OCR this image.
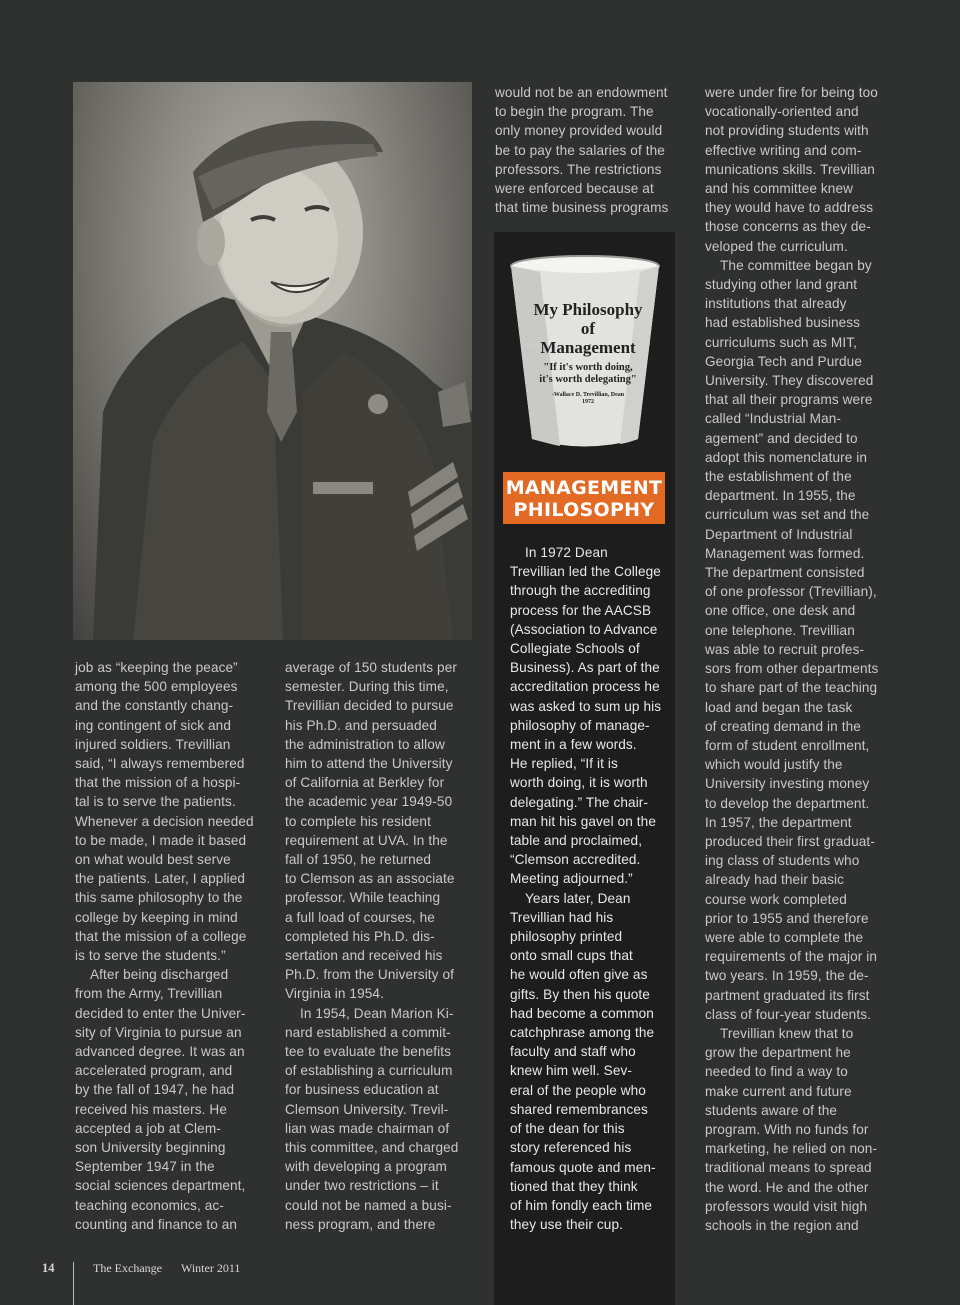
job as “keeping the peace”

among the 500 employees

and the constantly chang-

ing contingent of sick and

injured soldiers. Trevillian

said, “I always remembered

that the mission of a hospi-

tal is to serve the patients.

Whenever a decision needed

to be made, I made it based

on what would best serve

the patients. Later, I applied

this same philosophy to the

college by keeping in mind

that the mission of a college

is to serve the students.”

After being discharged

from the Army, Trevillian

decided to enter the Univer-

sity of Virginia to pursue an

advanced degree. It was an

accelerated program, and

by the fall of 1947, he had

received his masters. He

accepted a job at Clem-

son University beginning

September 1947 in the

social sciences department,

teaching economics, ac-

counting and finance to an

average of 150 students per

semester. During this time,

Trevillian decided to pursue

his Ph.D. and persuaded

the administration to allow

him to attend the University

of California at Berkley for

the academic year 1949-50

to complete his resident

requirement at UVA. In the

fall of 1950, he returned

to Clemson as an associate

professor. While teaching

a full load of courses, he

completed his Ph.D. dis-

sertation and received his

Ph.D. from the University of

Virginia in 1954.

In 1954, Dean Marion Ki-

nard established a commit-

tee to evaluate the benefits

of establishing a curriculum

for business education at

Clemson University. Trevil-

lian was made chairman of

this committee, and charged

with developing a program

under two restrictions – it

could not be named a busi-

ness program, and there

would not be an endowment

to begin the program. The

only money provided would

be to pay the salaries of the

professors. The restrictions

were enforced because at

that time business programs

My Philosophy
of
Management
"If it's worth doing,
it's worth delegating"
-Wallace D. Trevillian, Dean
1972
MANAGEMENT
PHILOSOPHY

In 1972 Dean

Trevillian led the College

through the accrediting

process for the AACSB

(Association to Advance

Collegiate Schools of

Business). As part of the

accreditation process he

was asked to sum up his

philosophy of manage-

ment in a few words.

He replied, “If it is

worth doing, it is worth

delegating.” The chair-

man hit his gavel on the

table and proclaimed,

“Clemson accredited.

Meeting adjourned.”

Years later, Dean

Trevillian had his

philosophy printed

onto small cups that

he would often give as

gifts. By then his quote

had become a common

catchphrase among the

faculty and staff who

knew him well. Sev-

eral of the people who

shared remembrances

of the dean for this

story referenced his

famous quote and men-

tioned that they think

of him fondly each time

they use their cup.

were under fire for being too

vocationally-oriented and

not providing students with

effective writing and com-

munications skills. Trevillian

and his committee knew

they would have to address

those concerns as they de-

veloped the curriculum.

The committee began by

studying other land grant

institutions that already

had established business

curriculums such as MIT,

Georgia Tech and Purdue

University. They discovered

that all their programs were

called “Industrial Man-

agement” and decided to

adopt this nomenclature in

the establishment of the

department. In 1955, the

curriculum was set and the

Department of Industrial

Management was formed.

The department consisted

of one professor (Trevillian),

one office, one desk and

one telephone. Trevillian

was able to recruit profes-

sors from other departments

to share part of the teaching

load and began the task

of creating demand in the

form of student enrollment,

which would justify the

University investing money

to develop the department.

In 1957, the department

produced their first graduat-

ing class of students who

already had their basic

course work completed

prior to 1955 and therefore

were able to complete the

requirements of the major in

two years. In 1959, the de-

partment graduated its first

class of four-year students.

Trevillian knew that to

grow the department he

needed to find a way to

make current and future

students aware of the

program. With no funds for

marketing, he relied on non-

traditional means to spread

the word. He and the other

professors would visit high

schools in the region and

14	The Exchange Winter 2011
